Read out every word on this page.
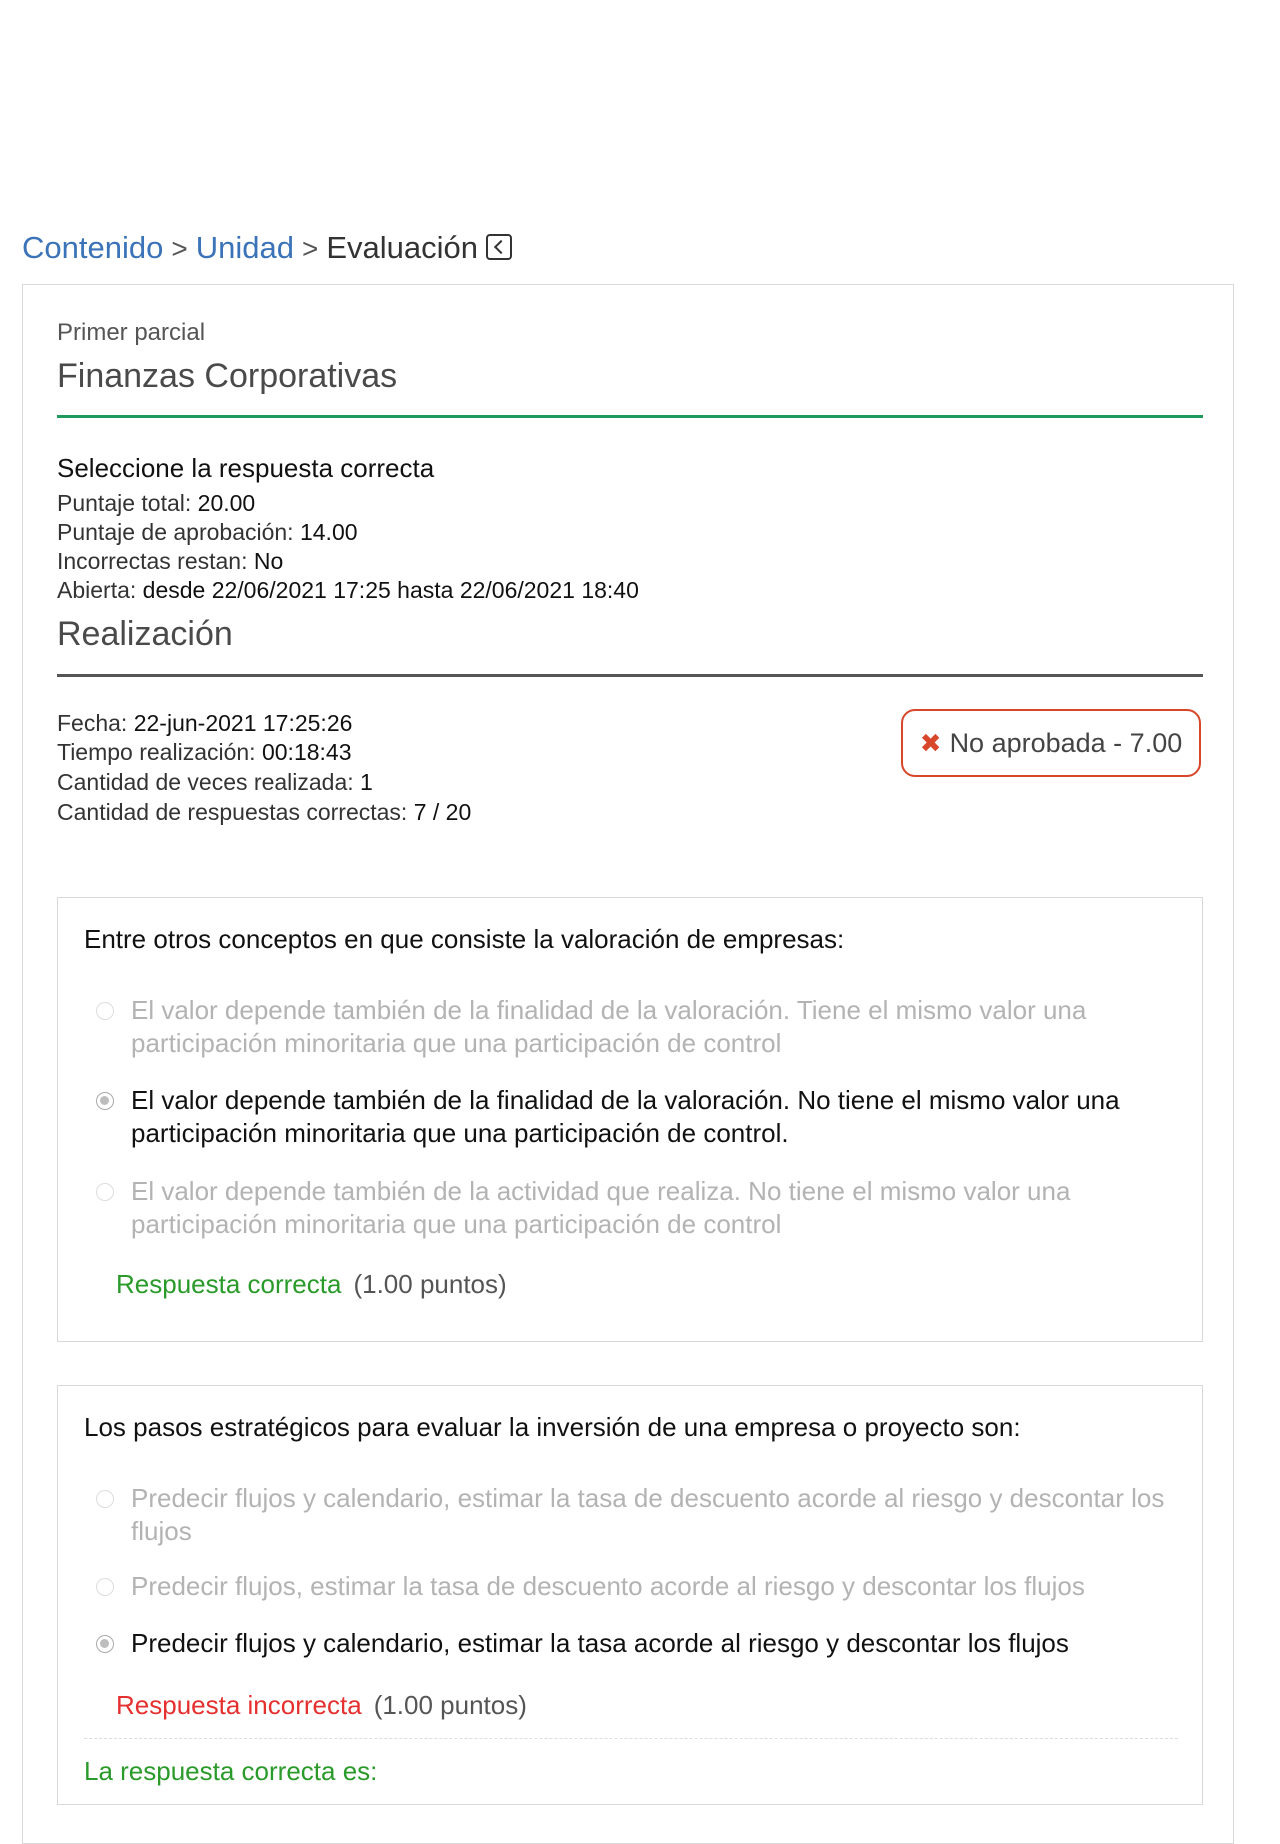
Contenido > Unidad > Evaluación
Primer parcial
Finanzas Corporativas
Seleccione la respuesta correcta
Puntaje total: 20.00
Puntaje de aprobación: 14.00
Incorrectas restan: No
Abierta: desde 22/06/2021 17:25 hasta 22/06/2021 18:40
Realización
Fecha: 22-jun-2021 17:25:26
Tiempo realización: 00:18:43
Cantidad de veces realizada: 1
Cantidad de respuestas correctas: 7 / 20
✖ No aprobada - 7.00
Entre otros conceptos en que consiste la valoración de empresas:
El valor depende también de la finalidad de la valoración. Tiene el mismo valor una participación minoritaria que una participación de control
El valor depende también de la finalidad de la valoración. No tiene el mismo valor una participación minoritaria que una participación de control.
El valor depende también de la actividad que realiza. No tiene el mismo valor una participación minoritaria que una participación de control
Respuesta correcta (1.00 puntos)
Los pasos estratégicos para evaluar la inversión de una empresa o proyecto son:
Predecir flujos y calendario, estimar la tasa de descuento acorde al riesgo y descontar los flujos
Predecir flujos, estimar la tasa de descuento acorde al riesgo y descontar los flujos
Predecir flujos y calendario, estimar la tasa acorde al riesgo y descontar los flujos
Respuesta incorrecta (1.00 puntos)
La respuesta correcta es:
